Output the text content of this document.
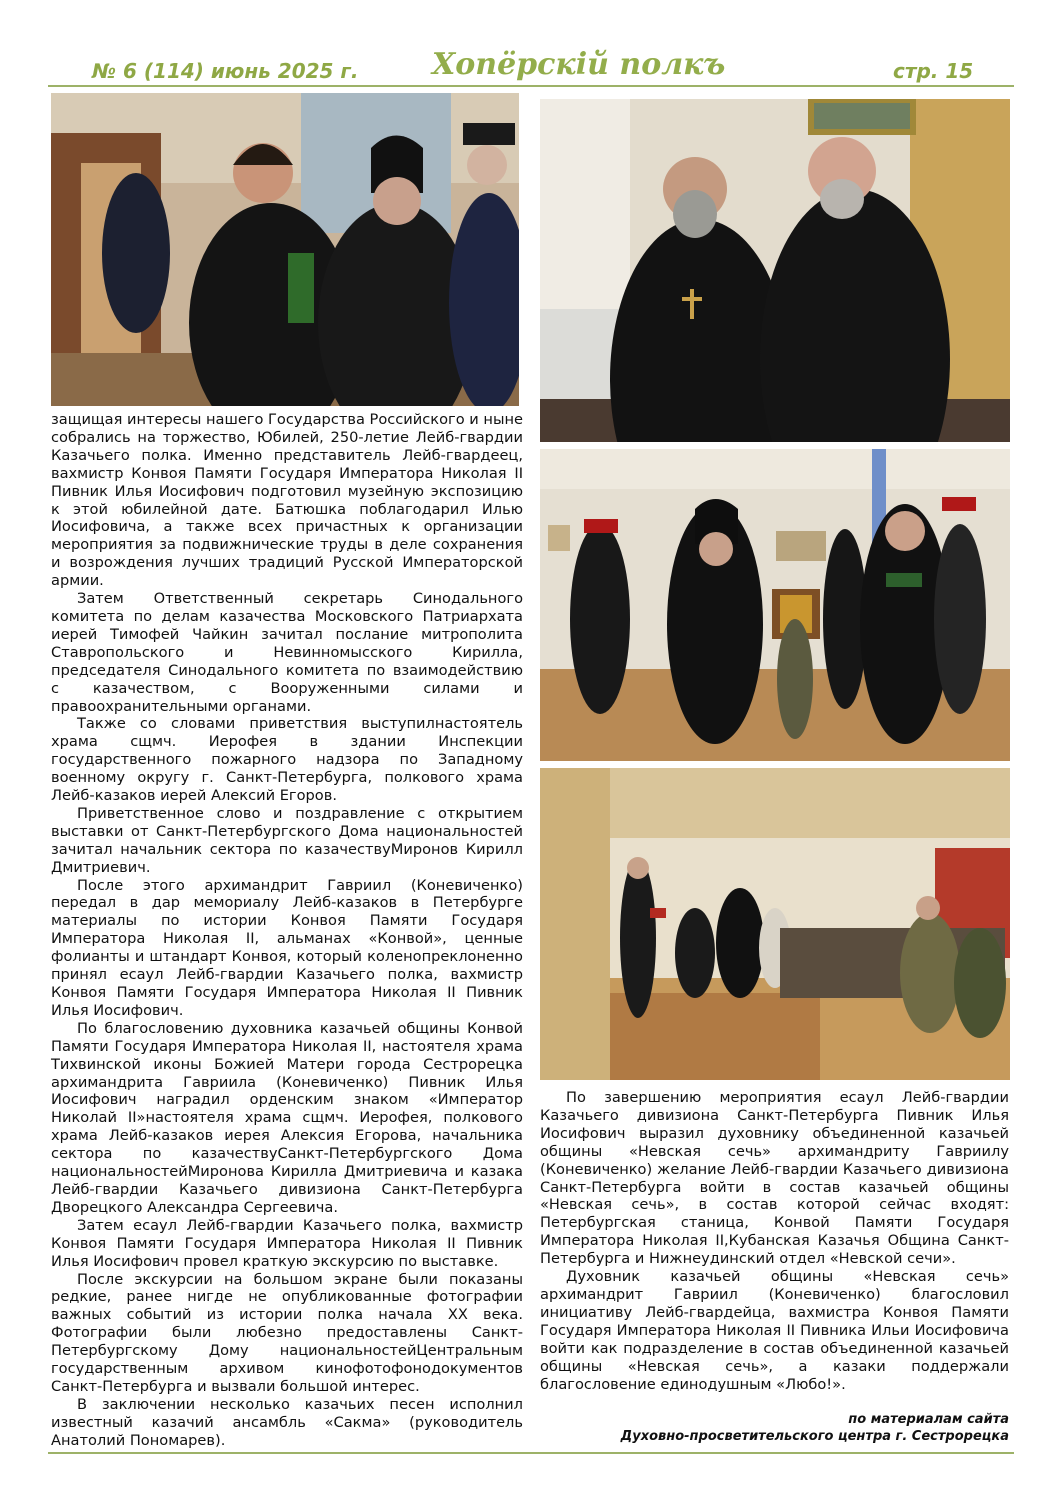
№ 6 (114) июнь 2025 г. Хопёрскiй полкъ	стр. 15

защищая интересы нашего Государства Российского и ныне собрались на торжество, Юбилей, 250-летие Лейб-гвардии Казачьего полка. Именно представитель Лейб-гвардеец, вахмистр Конвоя Памяти Государя Императора Николая II Пивник Илья Иосифович подготовил музейную экспозицию к этой юбилейной дате. Батюшка поблагодарил Илью Иосифовича, а также всех причастных к организации мероприятия за подвижнические труды в деле сохранения и возрождения лучших традиций Русской Императорской армии.

Затем Ответственный секретарь Синодального комитета по делам казачества Московского Патриархата иерей Тимофей Чайкин зачитал послание митрополита Ставропольского и Невинномысского Кирилла, председателя Синодального комитета по взаимодействию с казачеством, с Вооруженными силами и правоохранительными органами.

Также со словами приветствия выступилнастоятель храма сщмч. Иерофея в здании Инспекции государственного пожарного надзора по Западному военному округу г. Санкт-Петербурга, полкового храма Лейб-казаков иерей Алексий Егоров.

Приветственное слово и поздравление с открытием выставки от Санкт-Петербургского Дома национальностей зачитал начальник сектора по казачествуМиронов Кирилл Дмитриевич.

После этого архимандрит Гавриил (Коневиченко) передал в дар мемориалу Лейб-казаков в Петербурге материалы по истории Конвоя Памяти Государя Императора Николая II, альманах «Конвой», ценные фолианты и штандарт Конвоя, который коленопреклоненно принял есаул Лейб-гвардии Казачьего полка, вахмистр Конвоя Памяти Государя Императора Николая II Пивник Илья Иосифович.

По благословению духовника казачьей общины Конвой Памяти Государя Императора Николая II, настоятеля храма Тихвинской иконы Божией Матери города Сестрорецка архимандрита Гавриила (Коневиченко) Пивник Илья Иосифович наградил орденским знаком «Император Николай II»настоятеля храма сщмч. Иерофея, полкового храма Лейб-казаков иерея Алексия Егорова, начальника сектора по казачествуСанкт-Петербургского Дома национальностейМиронова Кирилла Дмитриевича и казака Лейб-гвардии Казачьего дивизиона Санкт-Петербурга Дворецкого Александра Сергеевича.

Затем есаул Лейб-гвардии Казачьего полка, вахмистр Конвоя Памяти Государя Императора Николая II Пивник Илья Иосифович провел краткую экскурсию по выставке.

После экскурсии на большом экране были показаны редкие, ранее нигде не опубликованные фотографии важных событий из истории полка начала XX века. Фотографии были любезно предоставлены Санкт-Петербургскому Дому национальностейЦентральным государственным архивом кинофотофонодокументов Санкт-Петербурга и вызвали большой интерес.

В заключении несколько казачьих песен исполнил известный казачий ансамбль «Сакма» (руководитель Анатолий Пономарев).

По завершению мероприятия есаул Лейб-гвардии Казачьего дивизиона Санкт-Петербурга Пивник Илья Иосифович выразил духовнику объединенной казачьей общины «Невская сечь» архимандриту Гавриилу (Коневиченко) желание Лейб-гвардии Казачьего дивизиона Санкт-Петербурга войти в состав казачьей общины «Невская сечь», в состав которой сейчас входят: Петербургская станица, Конвой Памяти Государя Императора Николая II,Кубанская Казачья Община Санкт-Петербурга и Нижнеудинский отдел «Невской сечи».

Духовник казачьей общины «Невская сечь» архимандрит Гавриил (Коневиченко) благословил инициативу Лейб-гвардейца, вахмистра Конвоя Памяти Государя Императора Николая II Пивника Ильи Иосифовича войти как подразделение в состав объединенной казачьей общины «Невская сечь», а казаки поддержали благословение единодушным «Любо!».

по материалам сайта
Духовно-просветительского центра г. Сестрорецка
